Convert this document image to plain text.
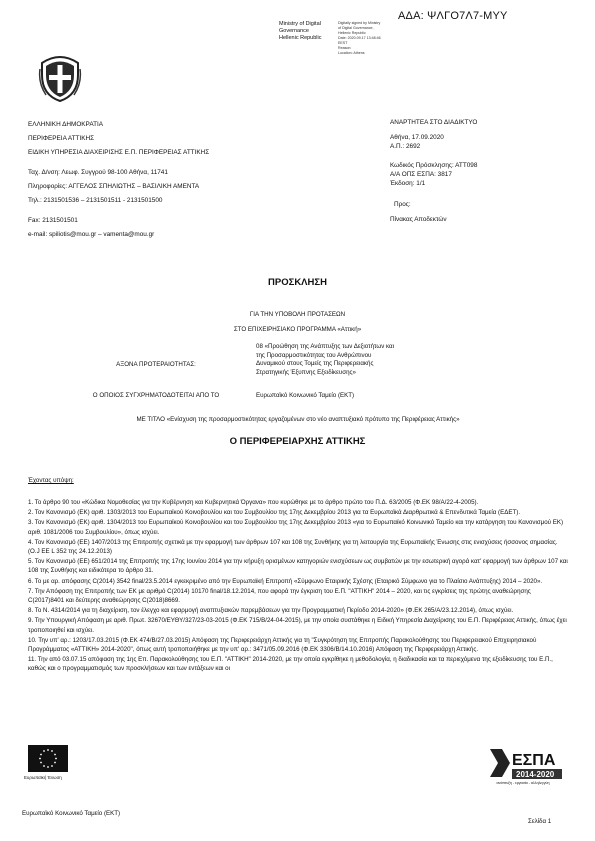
ΑΔΑ: ΨΛΓΟ7Λ7-ΜΥΥ
Ministry of Digital
Governance
Hellenic Republic
Digitally signed by Ministry
of Digital Governance,
Hellenic Republic
Date: 2020.09.17 13:48:46
EEST
Reason:
Location: Athens
ΕΛΛΗΝΙΚΗ ΔΗΜΟΚΡΑΤΙΑ
ΠΕΡΙΦΕΡΕΙΑ ΑΤΤΙΚΗΣ
ΕΙΔΙΚΗ ΥΠΗΡΕΣΙΑ ΔΙΑΧΕΙΡΙΣΗΣ Ε.Π. ΠΕΡΙΦΕΡΕΙΑΣ ΑΤΤΙΚΗΣ
Ταχ. Δ/νση: Λεωφ. Συγγρού 98-100 Αθήνα, 11741
Πληροφορίες: ΑΓΓΕΛΟΣ ΣΠΗΛΙΩΤΗΣ – ΒΑΣΙΛΙΚΗ ΑΜΕΝΤΑ
Τηλ.: 2131501536 – 2131501511 - 2131501500
Fax: 2131501501
e-mail: spiliotis@mou.gr – vamenta@mou.gr
ΑΝΑΡΤΗΤΕΑ ΣΤΟ ΔΙΑΔΙΚΤΥΟ
Αθήνα, 17.09.2020
Α.Π.: 2692
Κωδικός Πρόσκλησης: ΑΤΤ098
Α/Α ΟΠΣ ΕΣΠΑ: 3817
Έκδοση: 1/1
Προς:
Πίνακας Αποδεκτών
ΠΡΟΣΚΛΗΣΗ
ΓΙΑ ΤΗΝ ΥΠΟΒΟΛΗ ΠΡΟΤΑΣΕΩΝ
ΣΤΟ ΕΠΙΧΕΙΡΗΣΙΑΚΟ ΠΡΟΓΡΑΜΜΑ «Αττική»
ΑΞΟΝΑ ΠΡΟΤΕΡΑΙΟΤΗΤΑΣ:
08 «Προώθηση της Ανάπτυξης των Δεξιοτήτων και
της Προσαρμοστικότητας του Ανθρώπινου
Δυναμικού στους Τομείς της Περιφερειακής
Στρατηγικής Έξυπνης Εξειδίκευσης»
Ο ΟΠΟΙΟΣ ΣΥΓΧΡΗΜΑΤΟΔΟΤΕΙΤΑΙ ΑΠΟ ΤΟ	Ευρωπαϊκό Κοινωνικό Ταμείο (ΕΚΤ)
ΜΕ ΤΙΤΛΟ «Ενίσχυση της προσαρμοστικότητας εργαζομένων στο νέο αναπτυξιακό πρότυπο της Περιφέρειας Αττικής»
Ο ΠΕΡΙΦΕΡΕΙΑΡΧΗΣ ΑΤΤΙΚΗΣ
Έχοντας υπόψη:

1. Το άρθρο 90 του «Κώδικα Νομοθεσίας για την Κυβέρνηση και Κυβερνητικά Όργανα» που κυρώθηκε με το άρθρο πρώτο του Π.Δ. 63/2005 (Φ.ΕΚ 98/Α/22-4-2005).

2. Τον Κανονισμό (ΕΚ) αριθ. 1303/2013 του Ευρωπαϊκού Κοινοβουλίου και του Συμβουλίου της 17ης Δεκεμβρίου 2013 για τα Ευρωπαϊκά Διαρθρωτικά & Επενδυτικά Ταμεία (ΕΔΕΤ).

3. Τον Κανονισμό (ΕΚ) αριθ. 1304/2013 του Ευρωπαϊκού Κοινοβουλίου και του Συμβουλίου της 17ης Δεκεμβρίου 2013 «για το Ευρωπαϊκό Κοινωνικό Ταμείο και την κατάργηση του Κανονισμού ΕΚ) αριθ. 1081/2006 του Συμβουλίου», όπως ισχύει.

4. Τον Κανονισμό (ΕΕ) 1407/2013 της Επιτροπής σχετικά με την εφαρμογή των άρθρων 107 και 108 της Συνθήκης για τη λειτουργία της Ευρωπαϊκής Ένωσης στις ενισχύσεις ήσσονος σημασίας. (O.J EE L 352 της 24.12.2013)

5. Τον Κανονισμό (ΕΕ) 651/2014 της Επιτροπής της 17ης Ιουνίου 2014 για την κήρυξη ορισμένων κατηγοριών ενισχύσεων ως συμβατών με την εσωτερική αγορά κατ' εφαρμογή των άρθρων 107 και 108 της Συνθήκης και ειδικότερα το άρθρο 31.

6. Το με αρ. απόφασης C(2014) 3542 final/23.5.2014 εγκεκριμένο από την Ευρωπαϊκή Επιτροπή «Σύμφωνο Εταιρικής Σχέσης (Εταιρικό Σύμφωνο για το Πλαίσιο Ανάπτυξης) 2014 – 2020».

7. Την Απόφαση της Επιτροπής των ΕΚ με αριθμό C(2014) 10170 final/18.12.2014, που αφορά την έγκριση του Ε.Π. "ΑΤΤΙΚΗ" 2014 – 2020, και τις εγκρίσεις της πρώτης αναθεώρησης C(2017)8401 και δεύτερης αναθεώρησης C(2018)8669.

8. Το Ν. 4314/2014 για τη διαχείριση, τον έλεγχο και εφαρμογή αναπτυξιακών παρεμβάσεων για την Προγραμματική Περίοδο 2014-2020» (Φ.ΕΚ 265/Α/23.12.2014), όπως ισχύει.

9. Την Υπουργική Απόφαση με αριθ. Πρωτ. 32670/ΕΥΘΥ/327/23-03-2015 (Φ.ΕΚ 715/Β/24-04-2015), με την οποία συστάθηκε η Ειδική Υπηρεσία Διαχείρισης του Ε.Π. Περιφέρειας Αττικής, όπως έχει τροποποιηθεί και ισχύει.

10. Την υπ' αρ.: 1203/17.03.2015 (Φ.ΕΚ 474/Β/27.03.2015) Απόφαση της Περιφερειάρχη Αττικής για τη "Συγκρότηση της Επιτροπής Παρακολούθησης του Περιφερειακού Επιχειρησιακού Προγράμματος «ΑΤΤΙΚΗ» 2014-2020", όπως αυτή τροποποιήθηκε με την υπ' αρ.: 3471/05.09.2016 (Φ.ΕΚ 3306/Β/14.10.2016) Απόφαση της Περιφερειάρχη Αττικής.

11. Την από 03.07.15 απόφαση της 1ης Επ. Παρακολούθησης του Ε.Π. "ΑΤΤΙΚΗ" 2014-2020, με την οποία εγκρίθηκε η μεθοδολογία, η διαδικασία και τα περιεχόμενα της εξειδίκευσης του Ε.Π., καθώς και ο προγραμματισμός των προσκλήσεων και των εντάξεων και οι

Ευρωπαϊκή Ένωση
ΕΣΠΑ
2014-2020
ανάπτυξη - εργασία - αλληλεγγύη
Ευρωπαϊκό Κοινωνικό Ταμείο (ΕΚΤ)
Σελίδα 1
